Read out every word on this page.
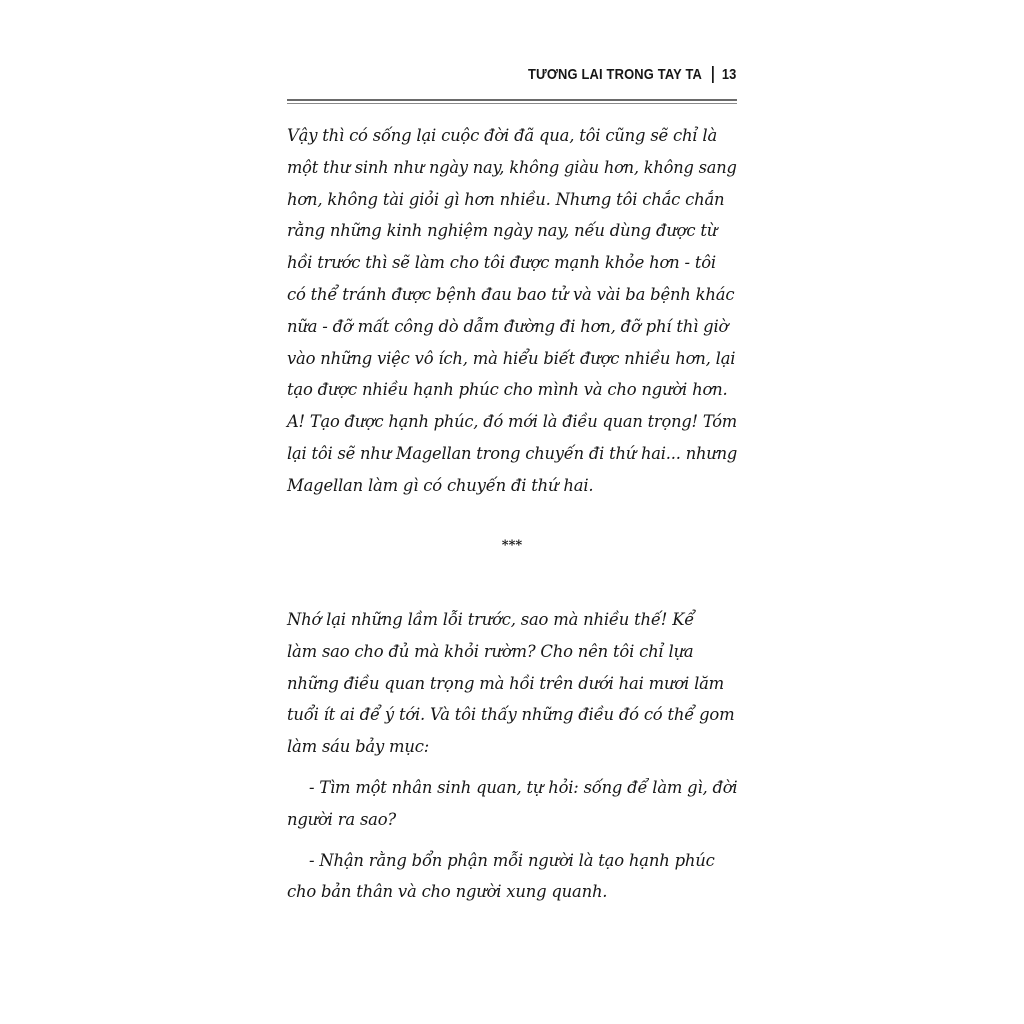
TƯƠNG LAI TRONG TAY TA 13
Vậy thì có sống lại cuộc đời đã qua, tôi cũng sẽ chỉ là
một thư sinh như ngày nay, không giàu hơn, không sang
hơn, không tài giỏi gì hơn nhiều. Nhưng tôi chắc chắn
rằng những kinh nghiệm ngày nay, nếu dùng được từ
hồi trước thì sẽ làm cho tôi được mạnh khỏe hơn - tôi
có thể tránh được bệnh đau bao tử và vài ba bệnh khác
nữa - đỡ mất công dò dẫm đường đi hơn, đỡ phí thì giờ
vào những việc vô ích, mà hiểu biết được nhiều hơn, lại
tạo được nhiều hạnh phúc cho mình và cho người hơn.
A! Tạo được hạnh phúc, đó mới là điều quan trọng! Tóm
lại tôi sẽ như Magellan trong chuyến đi thứ hai... nhưng
Magellan làm gì có chuyến đi thứ hai.
***
Nhớ lại những lầm lỗi trước, sao mà nhiều thế! Kể
làm sao cho đủ mà khỏi rườm? Cho nên tôi chỉ lựa
những điều quan trọng mà hồi trên dưới hai mươi lăm
tuổi ít ai để ý tới. Và tôi thấy những điều đó có thể gom
làm sáu bảy mục:
- Tìm một nhân sinh quan, tự hỏi: sống để làm gì, đời
người ra sao?
- Nhận rằng bổn phận mỗi người là tạo hạnh phúc
cho bản thân và cho người xung quanh.
